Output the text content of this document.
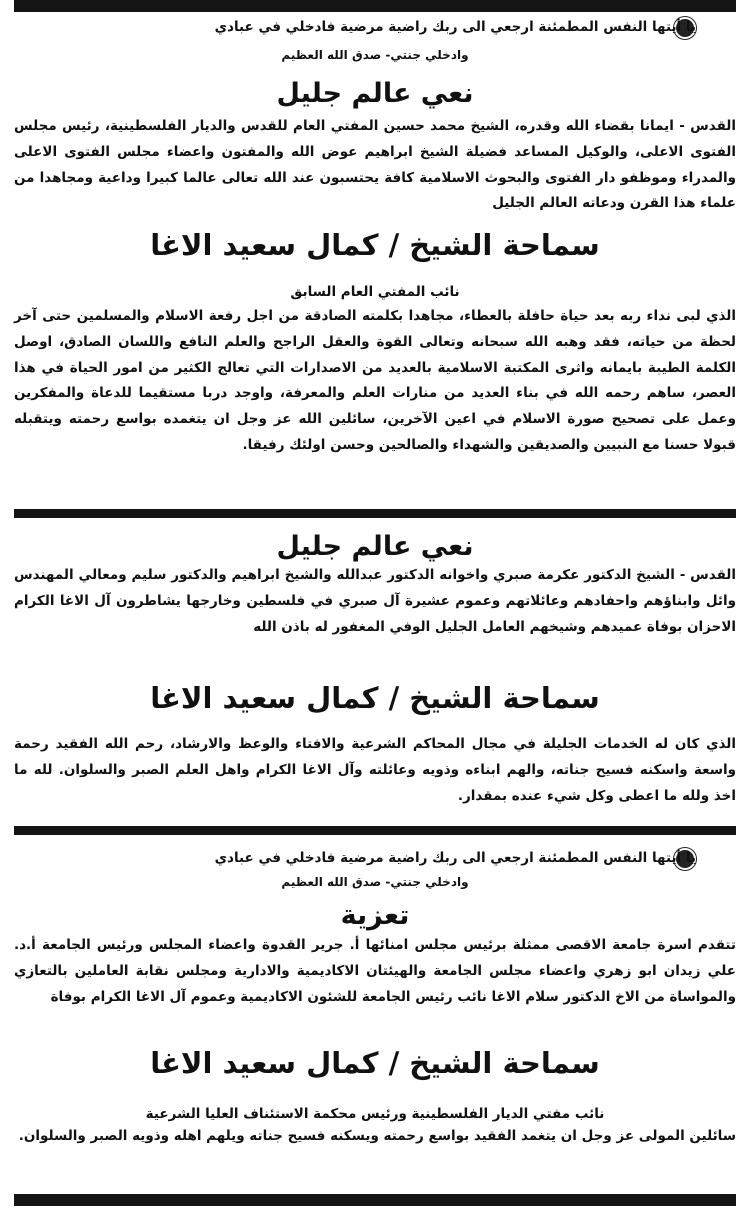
يا أيتها النفس المطمئنة ارجعي الى ربك راضية مرضية فادخلي في عبادي
وادخلي جنتي- صدق الله العظيم
نعي عالم جليل
القدس - ايمانا بقضاء الله وقدره، الشيخ محمد حسين المفتي العام للقدس والديار الفلسطينية، رئيس مجلس الفتوى الاعلى، والوكيل المساعد فضيلة الشيخ ابراهيم عوض الله والمفتون واعضاء مجلس الفتوى الاعلى والمدراء وموظفو دار الفتوى والبحوث الاسلامية كافة يحتسبون عند الله تعالى عالما كبيرا وداعية ومجاهدا من علماء هذا القرن ودعاته العالم الجليل
سماحة الشيخ / كمال سعيد الاغا
نائب المفتي العام السابق
الذي لبى نداء ربه بعد حياة حافلة بالعطاء، مجاهدا بكلمته الصادقة من اجل رفعة الاسلام والمسلمين حتى آخر لحظة من حياته، فقد وهبه الله سبحانه وتعالى القوة والعقل الراجح والعلم النافع واللسان الصادق، اوصل الكلمة الطيبة بايمانه واثرى المكتبة الاسلامية بالعديد من الاصدارات التي تعالج الكثير من امور الحياة في هذا العصر، ساهم رحمه الله في بناء العديد من منارات العلم والمعرفة، واوجد دربا مستقيما للدعاة والمفكرين وعمل على تصحيح صورة الاسلام في اعين الآخرين، سائلين الله عز وجل ان يتغمده بواسع رحمته ويتقبله قبولا حسنا مع النبيين والصديقين والشهداء والصالحين وحسن اولئك رفيقا.
نعي عالم جليل
القدس - الشيخ الدكتور عكرمة صبري واخوانه الدكتور عبدالله والشيخ ابراهيم والدكتور سليم ومعالي المهندس وائل وابناؤهم واحفادهم وعائلاتهم وعموم عشيرة آل صبري في فلسطين وخارجها يشاطرون آل الاغا الكرام الاحزان بوفاة عميدهم وشيخهم العامل الجليل الوفي المغفور له باذن الله
سماحة الشيخ / كمال سعيد الاغا
الذي كان له الخدمات الجليلة في مجال المحاكم الشرعية والافتاء والوعظ والارشاد، رحم الله الفقيد رحمة واسعة واسكنه فسيح جناته، والهم ابناءه وذويه وعائلته وآل الاغا الكرام واهل العلم الصبر والسلوان. لله ما اخذ ولله ما اعطى وكل شيء عنده بمقدار.
يا أيتها النفس المطمئنة ارجعي الى ربك راضية مرضية فادخلي في عبادي
وادخلي جنتي- صدق الله العظيم
تعزية
تتقدم اسرة جامعة الاقصى ممثلة برئيس مجلس امنائها أ. جرير القدوة واعضاء المجلس ورئيس الجامعة أ.د. علي زيدان ابو زهري واعضاء مجلس الجامعة والهيئتان الاكاديمية والادارية ومجلس نقابة العاملين بالتعازي والمواساة من الاخ الدكتور سلام الاغا نائب رئيس الجامعة للشئون الاكاديمية وعموم آل الاغا الكرام بوفاة
سماحة الشيخ / كمال سعيد الاغا
نائب مفتي الديار الفلسطينية ورئيس محكمة الاستئناف العليا الشرعية
سائلين المولى عز وجل ان يتغمد الفقيد بواسع رحمته ويسكنه فسيح جناته ويلهم اهله وذويه الصبر والسلوان.
